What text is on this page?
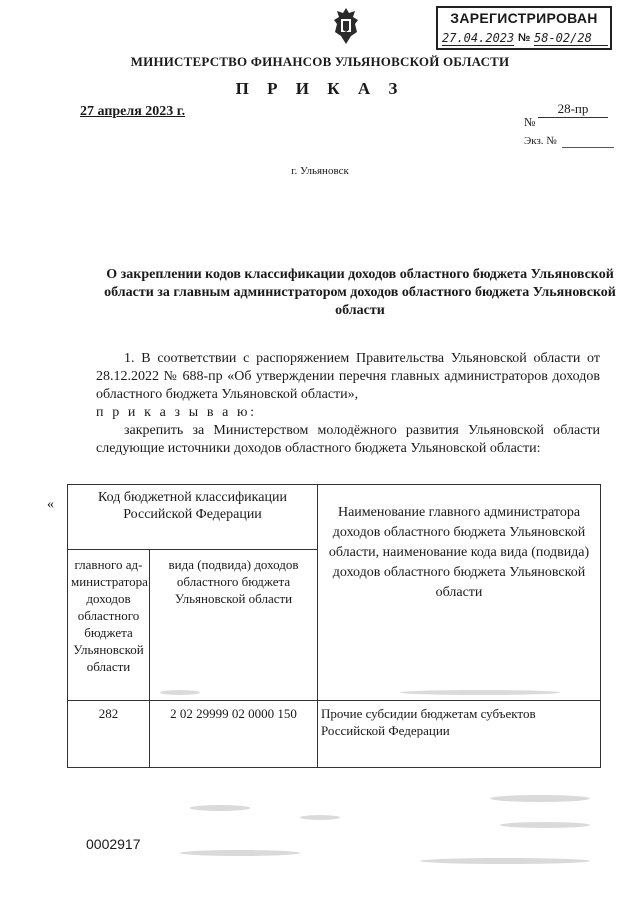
ЗАРЕГИСТРИРОВАН
27.04.2023 № 58-02/28
МИНИСТЕРСТВО ФИНАНСОВ УЛЬЯНОВСКОЙ ОБЛАСТИ
П Р И К А З
27 апреля 2023 г.
№
28-пр
Экз. №
г. Ульяновск
О закреплении кодов классификации доходов областного бюджета Ульяновской области за главным администратором доходов областного бюджета Ульяновской области
1. В соответствии с распоряжением Правительства Ульяновской области от 28.12.2022 № 688-пр «Об утверждении перечня главных администраторов доходов областного бюджета Ульяновской области»,
п р и к а з ы в а ю:
закрепить за Министерством молодёжного развития Ульяновской области следующие источники доходов областного бюджета Ульяновской области:
«	Код бюджетной классификации Российской Федерации		Наименование главного администратора доходов областного бюджета Ульяновской области, наименование кода вида (подвида) доходов областного бюджета Ульяновской области
главного ад-министратора доходов областного бюджета Ульяновской области	вида (подвида) доходов областного бюджета Ульяновской области	
282	2 02 29999 02 0000 150	Прочие субсидии бюджетам субъектов Российской Федерации
0002917
